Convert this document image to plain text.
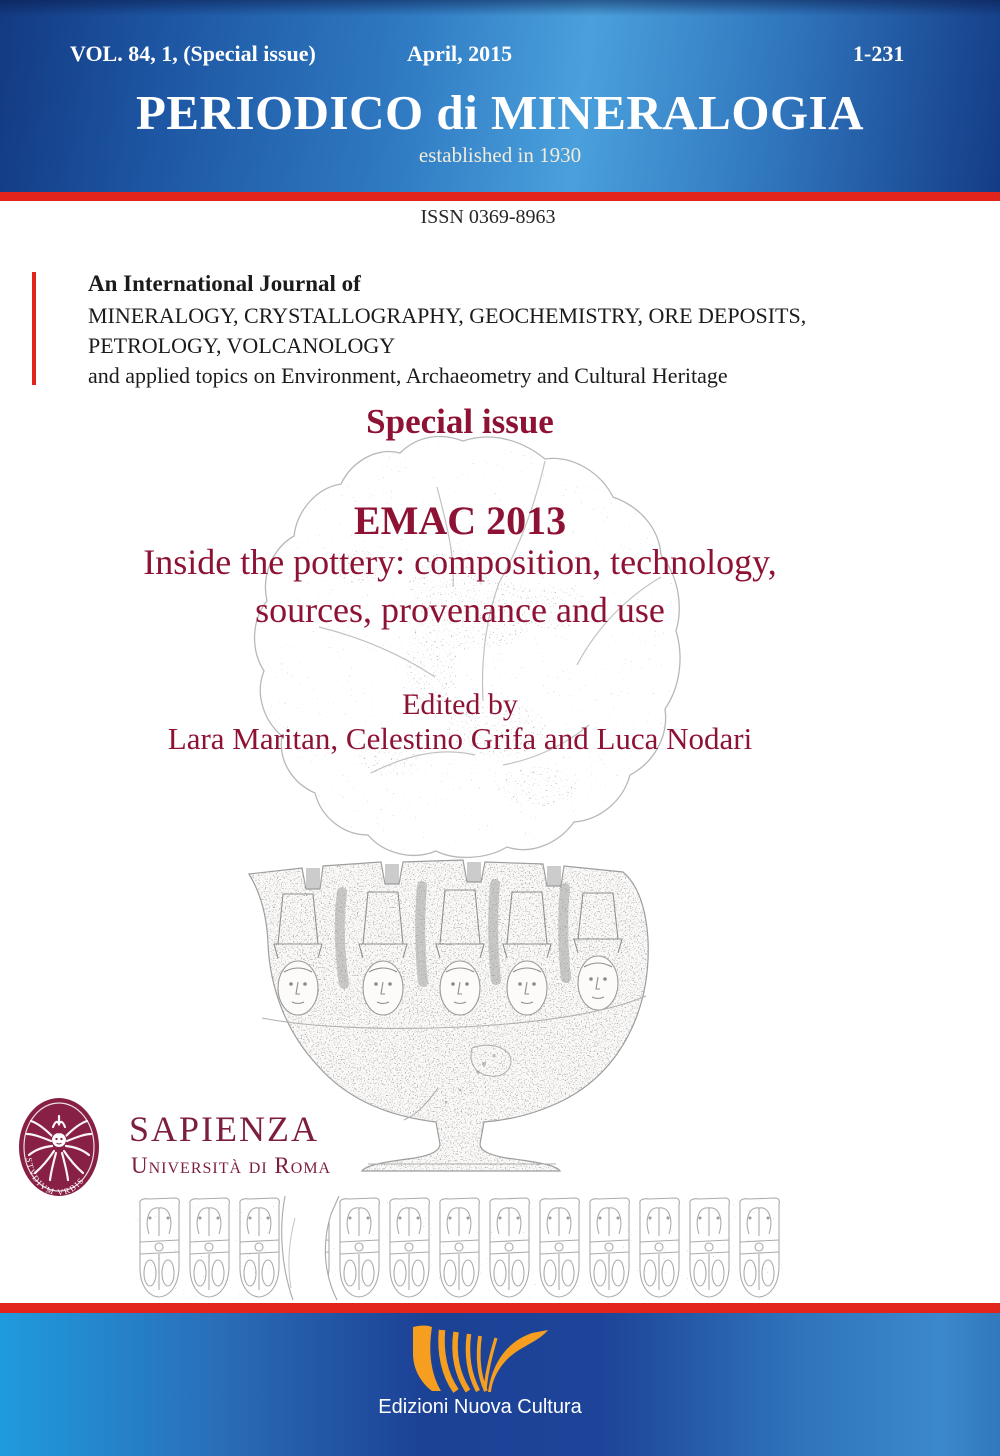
VOL. 84, 1, (Special issue)	April, 2015	1-231
PERIODICO di MINERALOGIA
established in 1930
ISSN 0369-8963
An International Journal of
MINERALOGY, CRYSTALLOGRAPHY, GEOCHEMISTRY, ORE DEPOSITS,
PETROLOGY, VOLCANOLOGY
and applied topics on Environment, Archaeometry and Cultural Heritage
Special issue
EMAC 2013
Inside the pottery: composition, technology,
sources, provenance and use
Edited by
Lara Maritan, Celestino Grifa and Luca Nodari
STVDIVM VRBIS
SAPIENZA
Università di Roma
Edizioni Nuova Cultura
